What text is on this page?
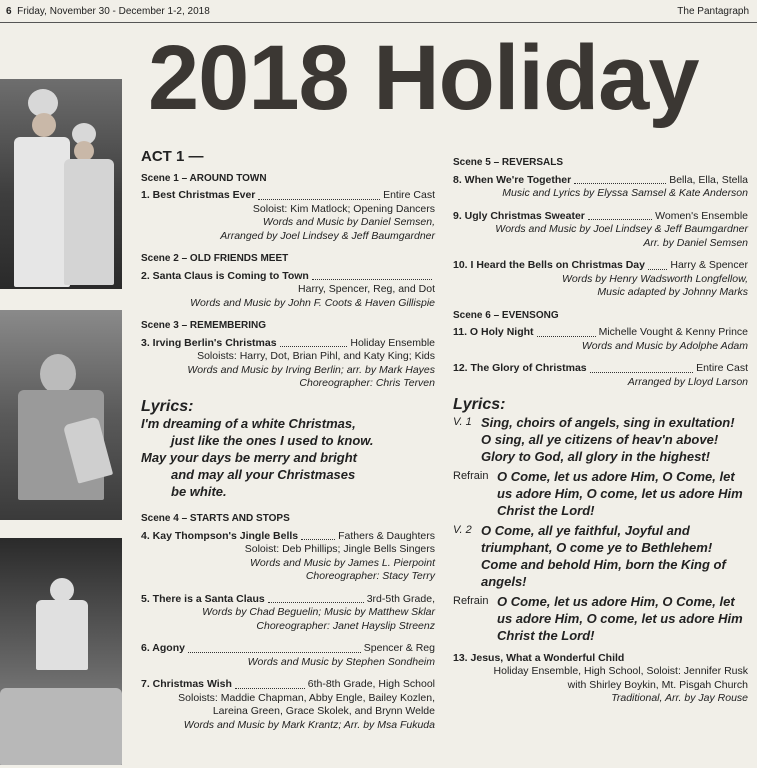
6 Friday, November 30 - December 1-2, 2018	The Pantagraph
2018 Holiday
ACT 1 —
Scene 1 – AROUND TOWN
1. Best Christmas Ever	Entire Cast
Soloist: Kim Matlock; Opening Dancers
Words and Music by Daniel Semsen,
Arranged by Joel Lindsey & Jeff Baumgardner
Scene 2 – OLD FRIENDS MEET
2. Santa Claus is Coming to Town
Harry, Spencer, Reg, and Dot
Words and Music by John F. Coots & Haven Gillispie
Scene 3 – REMEMBERING
3. Irving Berlin's Christmas	Holiday Ensemble
Soloists: Harry, Dot, Brian Pihl, and Katy King; Kids
Words and Music by Irving Berlin; arr. by Mark Hayes
Choreographer: Chris Terven
Lyrics:
I'm dreaming of a white Christmas,
just like the ones I used to know.
May your days be merry and bright
and may all your Christmases
be white.
Scene 4 – STARTS AND STOPS
4. Kay Thompson's Jingle Bells	Fathers & Daughters
Soloist: Deb Phillips; Jingle Bells Singers
Words and Music by James L. Pierpoint
Choreographer: Stacy Terry
5. There is a Santa Claus	3rd-5th Grade,
Words by Chad Beguelin; Music by Matthew Sklar
Choreographer: Janet Hayslip Streenz
6. Agony	Spencer & Reg
Words and Music by Stephen Sondheim
7. Christmas Wish	6th-8th Grade, High School
Soloists: Maddie Chapman, Abby Engle, Bailey Kozlen,
Lareina Green, Grace Skolek, and Brynn Welde
Words and Music by Mark Krantz; Arr. by Msa Fukuda
Scene 5 – REVERSALS
8. When We're Together	Bella, Ella, Stella
Music and Lyrics by Elyssa Samsel & Kate Anderson
9. Ugly Christmas Sweater	Women's Ensemble
Words and Music by Joel Lindsey & Jeff Baumgardner
Arr. by Daniel Semsen
10. I Heard the Bells on Christmas Day Harry & Spencer
Words by Henry Wadsworth Longfellow,
Music adapted by Johnny Marks
Scene 6 – EVENSONG
11. O Holy Night	Michelle Vought & Kenny Prince
Words and Music by Adolphe Adam
12. The Glory of Christmas	Entire Cast
Arranged by Lloyd Larson
Lyrics:
V. 1 Sing, choirs of angels, sing in exultation! O sing, all ye citizens of heav'n above! Glory to God, all glory in the highest!
Refrain O Come, let us adore Him, O Come, let us adore Him, O come, let us adore Him Christ the Lord!
V. 2 O Come, all ye faithful, Joyful and triumphant, O come ye to Bethlehem! Come and behold Him, born the King of angels!
Refrain O Come, let us adore Him, O Come, let us adore Him, O come, let us adore Him Christ the Lord!
13. Jesus, What a Wonderful Child
Holiday Ensemble, High School, Soloist: Jennifer Rusk
with Shirley Boykin, Mt. Pisgah Church
Traditional, Arr. by Jay Rouse
